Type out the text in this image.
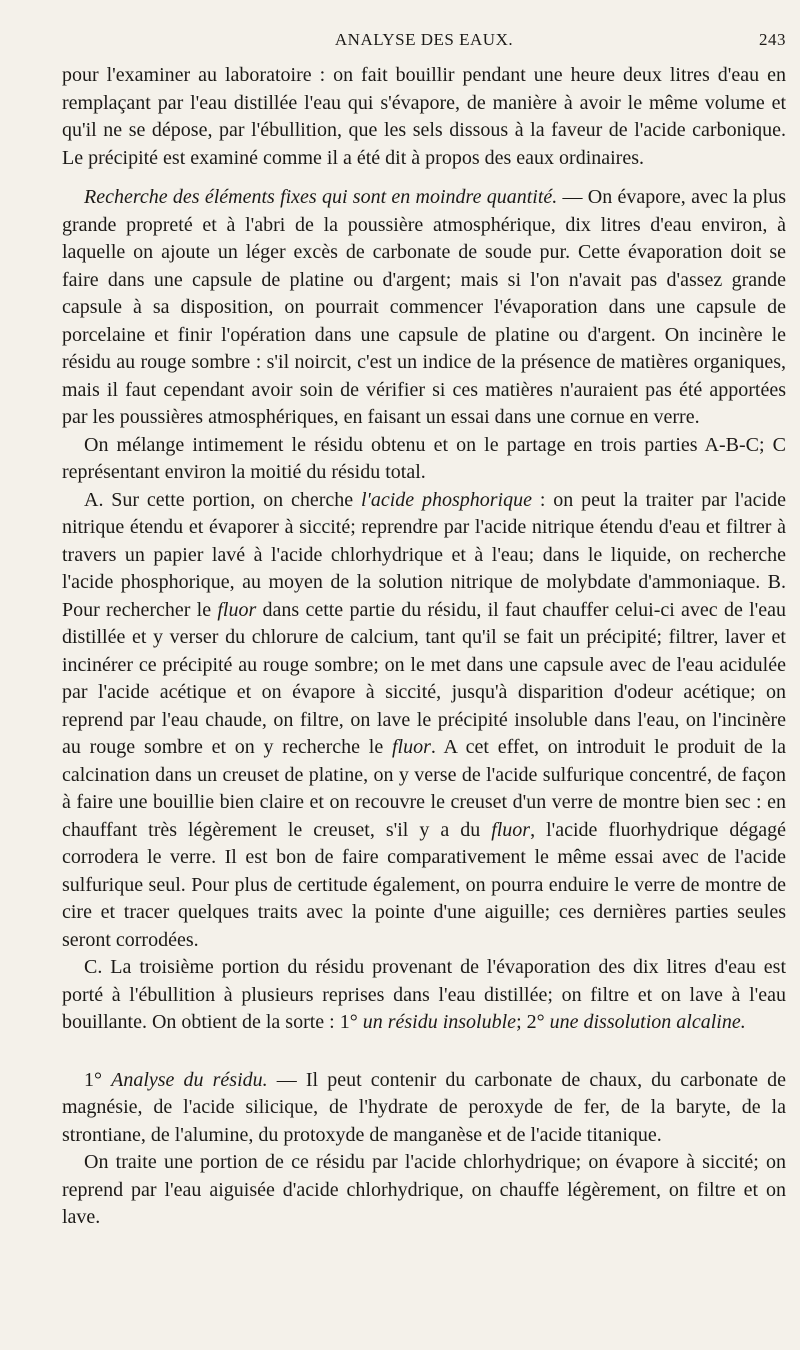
ANALYSE DES EAUX.	243

pour l'examiner au laboratoire : on fait bouillir pendant une heure deux litres d'eau en remplaçant par l'eau distillée l'eau qui s'évapore, de manière à avoir le même volume et qu'il ne se dépose, par l'ébullition, que les sels dissous à la faveur de l'acide carbonique. Le précipité est examiné comme il a été dit à propos des eaux ordinaires.

Recherche des éléments fixes qui sont en moindre quantité. — On évapore, avec la plus grande propreté et à l'abri de la poussière atmosphérique, dix litres d'eau environ, à laquelle on ajoute un léger excès de carbonate de soude pur. Cette évaporation doit se faire dans une capsule de platine ou d'argent; mais si l'on n'avait pas d'assez grande capsule à sa disposition, on pourrait commencer l'évaporation dans une capsule de porcelaine et finir l'opération dans une capsule de platine ou d'argent. On incinère le résidu au rouge sombre : s'il noircit, c'est un indice de la présence de matières organiques, mais il faut cependant avoir soin de vérifier si ces matières n'auraient pas été apportées par les poussières atmosphériques, en faisant un essai dans une cornue en verre.

On mélange intimement le résidu obtenu et on le partage en trois parties A-B-C; C représentant environ la moitié du résidu total.

A. Sur cette portion, on cherche l'acide phosphorique : on peut la traiter par l'acide nitrique étendu et évaporer à siccité; reprendre par l'acide nitrique étendu d'eau et filtrer à travers un papier lavé à l'acide chlorhydrique et à l'eau; dans le liquide, on recherche l'acide phosphorique, au moyen de la solution nitrique de molybdate d'ammoniaque. B. Pour rechercher le fluor dans cette partie du résidu, il faut chauffer celui-ci avec de l'eau distillée et y verser du chlorure de calcium, tant qu'il se fait un précipité; filtrer, laver et incinérer ce précipité au rouge sombre; on le met dans une capsule avec de l'eau acidulée par l'acide acétique et on évapore à siccité, jusqu'à disparition d'odeur acétique; on reprend par l'eau chaude, on filtre, on lave le précipité insoluble dans l'eau, on l'incinère au rouge sombre et on y recherche le fluor. A cet effet, on introduit le produit de la calcination dans un creuset de platine, on y verse de l'acide sulfurique concentré, de façon à faire une bouillie bien claire et on recouvre le creuset d'un verre de montre bien sec : en chauffant très légèrement le creuset, s'il y a du fluor, l'acide fluorhydrique dégagé corrodera le verre. Il est bon de faire comparativement le même essai avec de l'acide sulfurique seul. Pour plus de certitude également, on pourra enduire le verre de montre de cire et tracer quelques traits avec la pointe d'une aiguille; ces dernières parties seules seront corrodées.

C. La troisième portion du résidu provenant de l'évaporation des dix litres d'eau est porté à l'ébullition à plusieurs reprises dans l'eau distillée; on filtre et on lave à l'eau bouillante. On obtient de la sorte : 1° un résidu insoluble; 2° une dissolution alcaline.

1° Analyse du résidu. — Il peut contenir du carbonate de chaux, du carbonate de magnésie, de l'acide silicique, de l'hydrate de peroxyde de fer, de la baryte, de la strontiane, de l'alumine, du protoxyde de manganèse et de l'acide titanique.

On traite une portion de ce résidu par l'acide chlorhydrique; on évapore à siccité; on reprend par l'eau aiguisée d'acide chlorhydrique, on chauffe légèrement, on filtre et on lave.
